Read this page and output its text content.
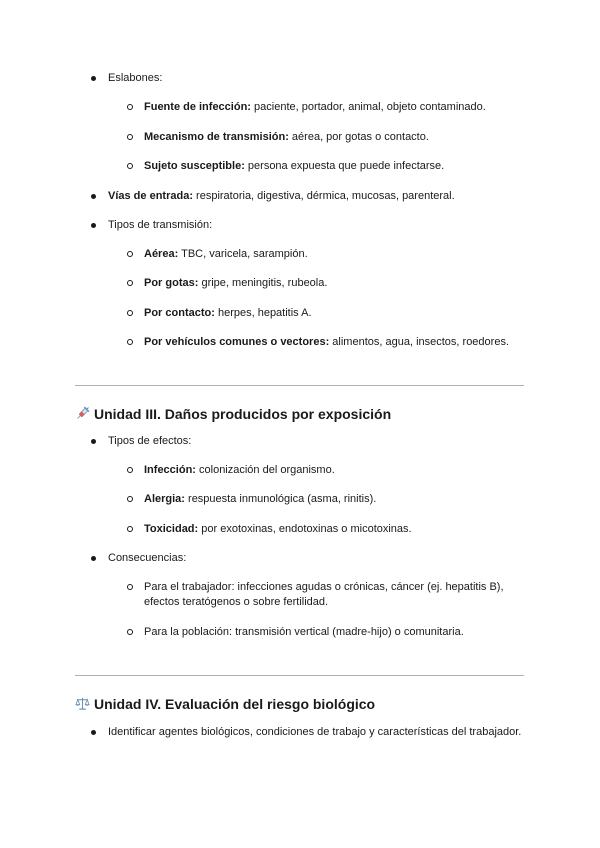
Eslabones:
Fuente de infección: paciente, portador, animal, objeto contaminado.
Mecanismo de transmisión: aérea, por gotas o contacto.
Sujeto susceptible: persona expuesta que puede infectarse.
Vías de entrada: respiratoria, digestiva, dérmica, mucosas, parenteral.
Tipos de transmisión:
Aérea: TBC, varicela, sarampión.
Por gotas: gripe, meningitis, rubeola.
Por contacto: herpes, hepatitis A.
Por vehículos comunes o vectores: alimentos, agua, insectos, roedores.
Unidad III. Daños producidos por exposición
Tipos de efectos:
Infección: colonización del organismo.
Alergia: respuesta inmunológica (asma, rinitis).
Toxicidad: por exotoxinas, endotoxinas o micotoxinas.
Consecuencias:
Para el trabajador: infecciones agudas o crónicas, cáncer (ej. hepatitis B), efectos teratógenos o sobre fertilidad.
Para la población: transmisión vertical (madre-hijo) o comunitaria.
Unidad IV. Evaluación del riesgo biológico
Identificar agentes biológicos, condiciones de trabajo y características del trabajador.
